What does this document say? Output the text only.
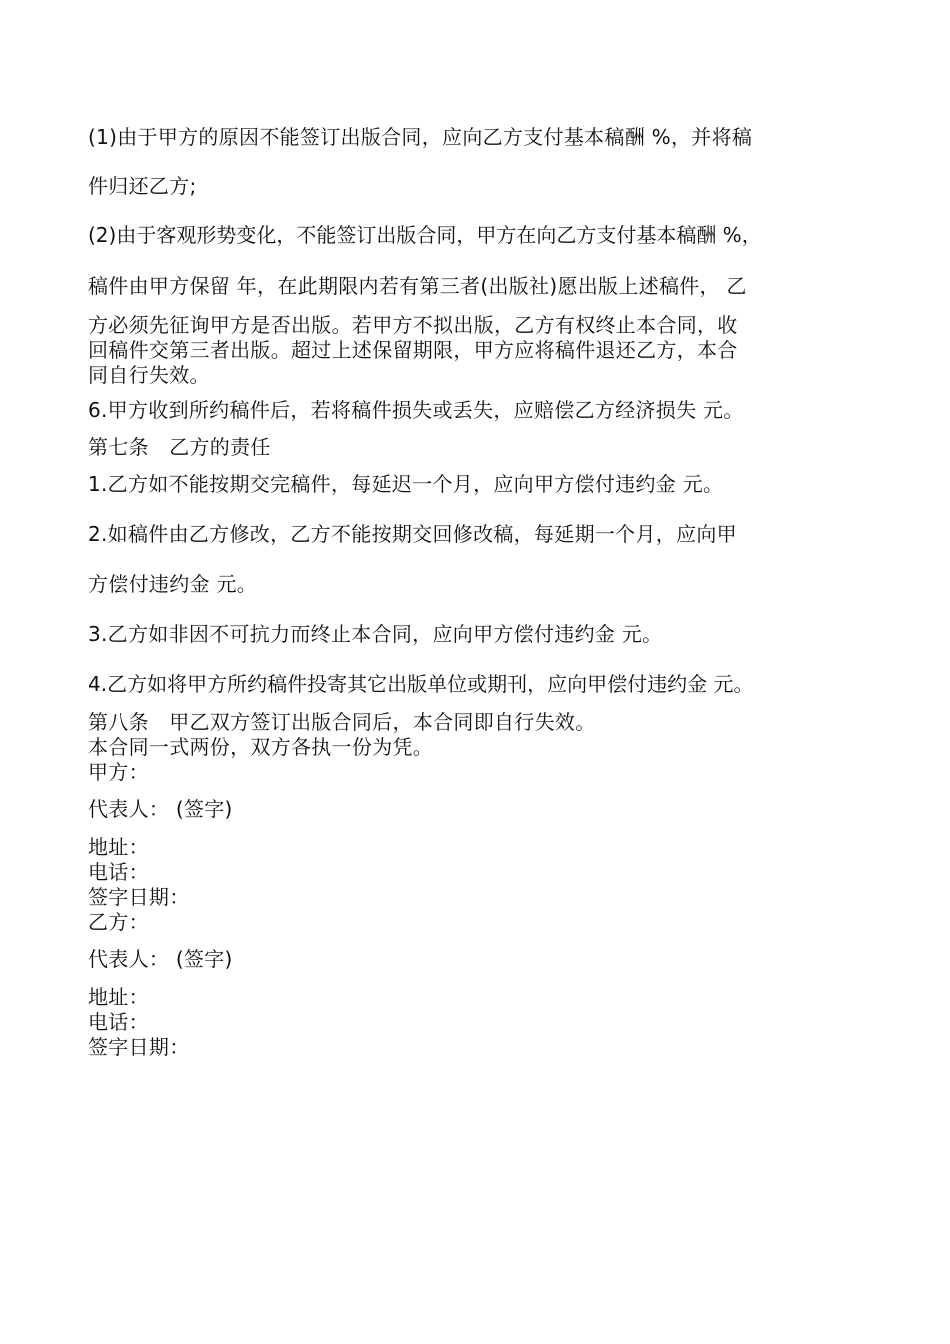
(1)由于甲方的原因不能签订出版合同，应向乙方支付基本稿酬 %，并将稿
件归还乙方;
(2)由于客观形势变化，不能签订出版合同，甲方在向乙方支付基本稿酬 %，
稿件由甲方保留 年，在此期限内若有第三者(出版社)愿出版上述稿件， 乙
方必须先征询甲方是否出版。若甲方不拟出版，乙方有权终止本合同，收
回稿件交第三者出版。超过上述保留期限，甲方应将稿件退还乙方，本合
同自行失效。
6.甲方收到所约稿件后，若将稿件损失或丢失，应赔偿乙方经济损失 元。
第七条　乙方的责任
1.乙方如不能按期交完稿件，每延迟一个月，应向甲方偿付违约金 元。
2.如稿件由乙方修改，乙方不能按期交回修改稿，每延期一个月，应向甲
方偿付违约金 元。
3.乙方如非因不可抗力而终止本合同，应向甲方偿付违约金 元。
4.乙方如将甲方所约稿件投寄其它出版单位或期刊，应向甲偿付违约金 元。
第八条　甲乙双方签订出版合同后，本合同即自行失效。
本合同一式两份，双方各执一份为凭。
甲方：
代表人： (签字)
地址：
电话：
签字日期：
乙方：
代表人： (签字)
地址：
电话：
签字日期：
